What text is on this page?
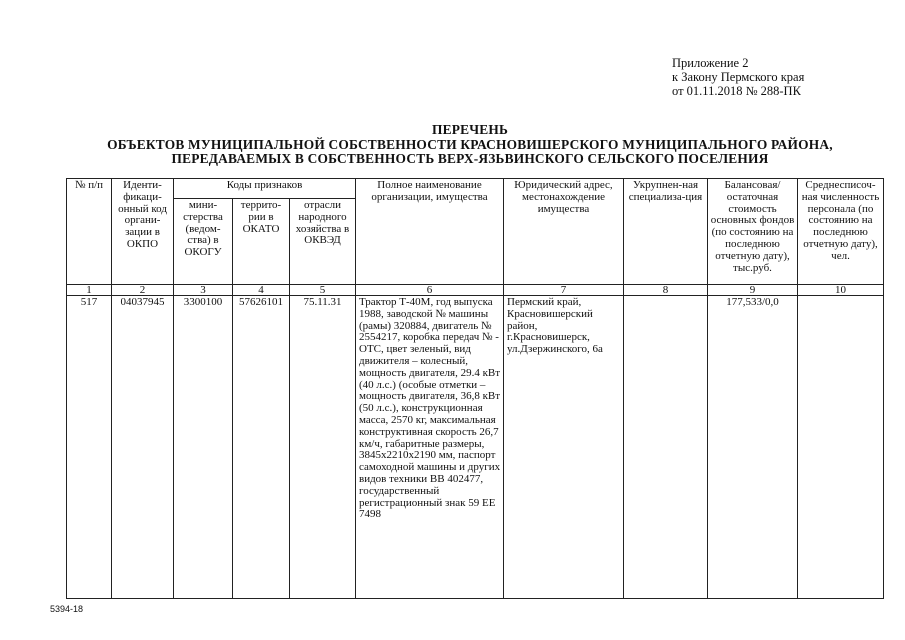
Приложение 2
к Закону Пермского края
от 01.11.2018 № 288-ПК
ПЕРЕЧЕНЬ
ОБЪЕКТОВ МУНИЦИПАЛЬНОЙ СОБСТВЕННОСТИ КРАСНОВИШЕРСКОГО МУНИЦИПАЛЬНОГО РАЙОНА,
ПЕРЕДАВАЕМЫХ В СОБСТВЕННОСТЬ ВЕРХ-ЯЗЬВИНСКОГО СЕЛЬСКОГО ПОСЕЛЕНИЯ
№ п/п	Иденти-фикаци-онный код органи-зации в ОКПО	Коды признаков			Полное наименование организации, имущества	Юридический адрес, местонахождение имущества	Укрупнен-ная специализа-ция	Балансовая/ остаточная стоимость основных фондов (по состоянию на последнюю отчетную дату), тыс.руб.	Среднесписоч-ная численность персонала (по состоянию на последнюю отчетную дату), чел.
		мини-стерства (ведом-ства) в ОКОГУ	террито-рии в ОКАТО	отрасли народного хозяйства в ОКВЭД					
1	2	3	4	5	6	7	8	9	10
517	04037945	3300100	57626101	75.11.31	Трактор Т-40М, год выпуска 1988, заводской № машины (рамы) 320884, двигатель № 2554217, коробка передач № - ОТС, цвет зеленый, вид движителя – колесный, мощность двигателя, 29.4 кВт (40 л.с.) (особые отметки – мощность двигателя, 36,8 кВт (50 л.с.), конструкционная масса, 2570 кг, максимальная конструктивная скорость 26,7 км/ч, габаритные размеры, 3845x2210x2190 мм, паспорт самоходной машины и других видов техники ВВ 402477, государственный регистрационный знак 59 ЕЕ 7498	Пермский край, Красновишерский район, г.Красновишерск, ул.Дзержинского, 6а		177,533/0,0	
5394-18
